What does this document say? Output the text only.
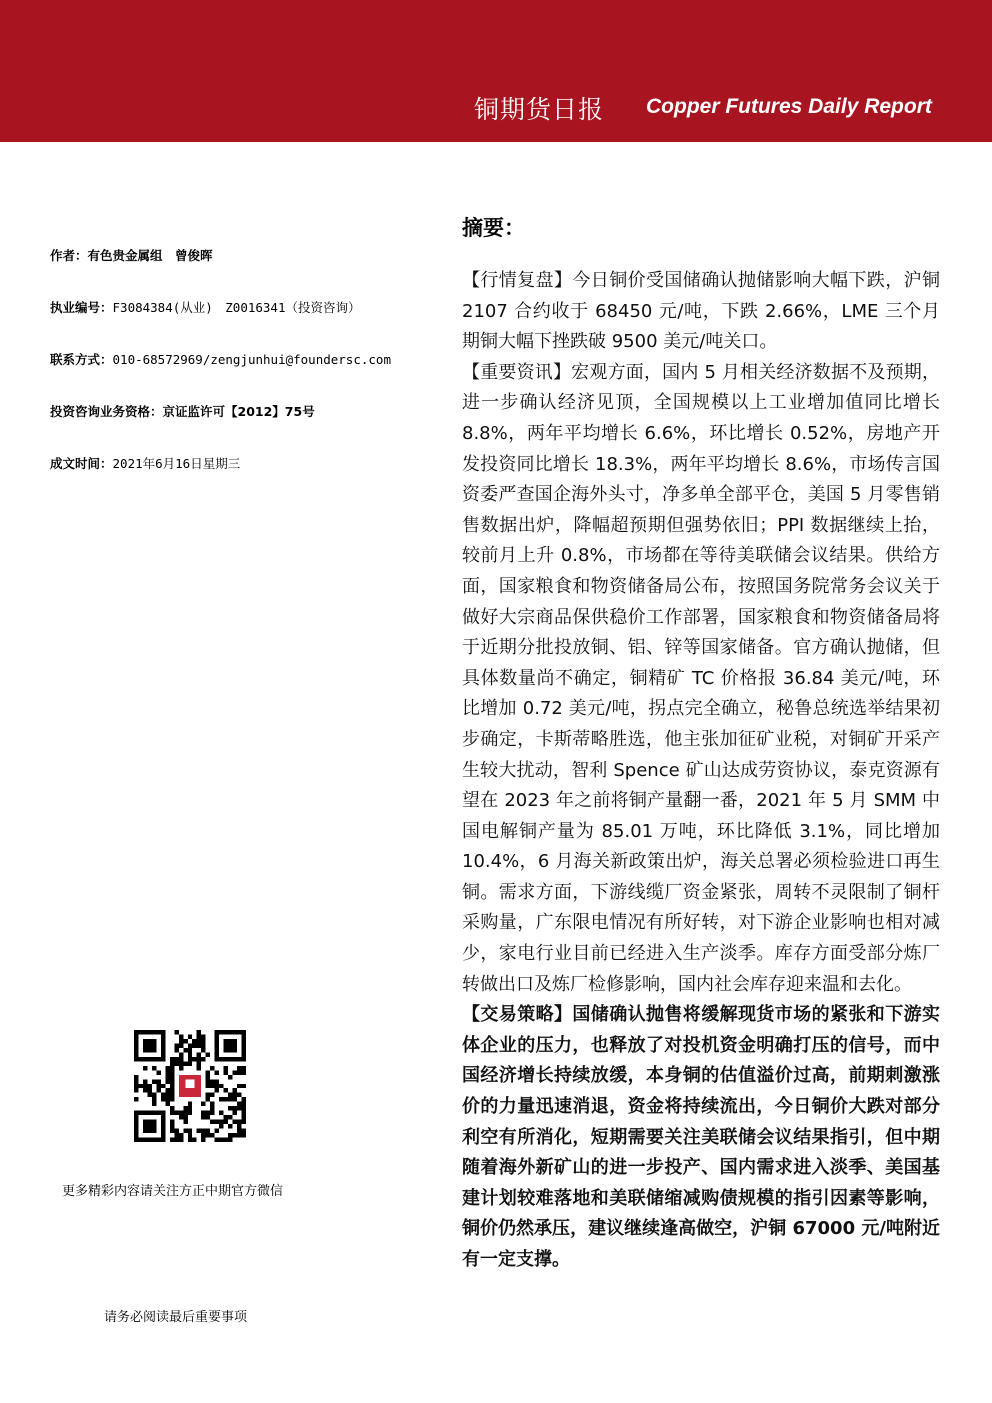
铜期货日报 Copper Futures Daily Report
作者：有色贵金属组　曾俊晖
执业编号：F3084384(从业)　Z0016341（投资咨询）
联系方式：010-68572969/zengjunhui@foundersc.com
投资咨询业务资格：京证监许可【2012】75号
成文时间：2021年6月16日星期三
摘要：

【行情复盘】今日铜价受国储确认抛储影响大幅下跌，沪铜 2107 合约收于 68450 元/吨，下跌 2.66%，LME 三个月期铜大幅下挫跌破 9500 美元/吨关口。

【重要资讯】宏观方面，国内 5 月相关经济数据不及预期，进一步确认经济见顶，全国规模以上工业增加值同比增长 8.8%，两年平均增长 6.6%，环比增长 0.52%，房地产开发投资同比增长 18.3%，两年平均增长 8.6%，市场传言国资委严查国企海外头寸，净多单全部平仓，美国 5 月零售销售数据出炉，降幅超预期但强势依旧；PPI 数据继续上抬，较前月上升 0.8%，市场都在等待美联储会议结果。供给方面，国家粮食和物资储备局公布，按照国务院常务会议关于做好大宗商品保供稳价工作部署，国家粮食和物资储备局将于近期分批投放铜、铝、锌等国家储备。官方确认抛储，但具体数量尚不确定，铜精矿 TC 价格报 36.84 美元/吨，环比增加 0.72 美元/吨，拐点完全确立，秘鲁总统选举结果初步确定，卡斯蒂略胜选，他主张加征矿业税，对铜矿开采产生较大扰动，智利 Spence 矿山达成劳资协议，泰克资源有望在 2023 年之前将铜产量翻一番，2021 年 5 月 SMM 中国电解铜产量为 85.01 万吨，环比降低 3.1%，同比增加 10.4%，6 月海关新政策出炉，海关总署必须检验进口再生铜。需求方面，下游线缆厂资金紧张，周转不灵限制了铜杆采购量，广东限电情况有所好转，对下游企业影响也相对减少，家电行业目前已经进入生产淡季。库存方面受部分炼厂转做出口及炼厂检修影响，国内社会库存迎来温和去化。

【交易策略】国储确认抛售将缓解现货市场的紧张和下游实体企业的压力，也释放了对投机资金明确打压的信号，而中国经济增长持续放缓，本身铜的估值溢价过高，前期刺激涨价的力量迅速消退，资金将持续流出，今日铜价大跌对部分利空有所消化，短期需要关注美联储会议结果指引，但中期随着海外新矿山的进一步投产、国内需求进入淡季、美国基建计划较难落地和美联储缩减购债规模的指引因素等影响，铜价仍然承压，建议继续逢高做空，沪铜 67000 元/吨附近有一定支撑。

更多精彩内容请关注方正中期官方微信
请务必阅读最后重要事项
